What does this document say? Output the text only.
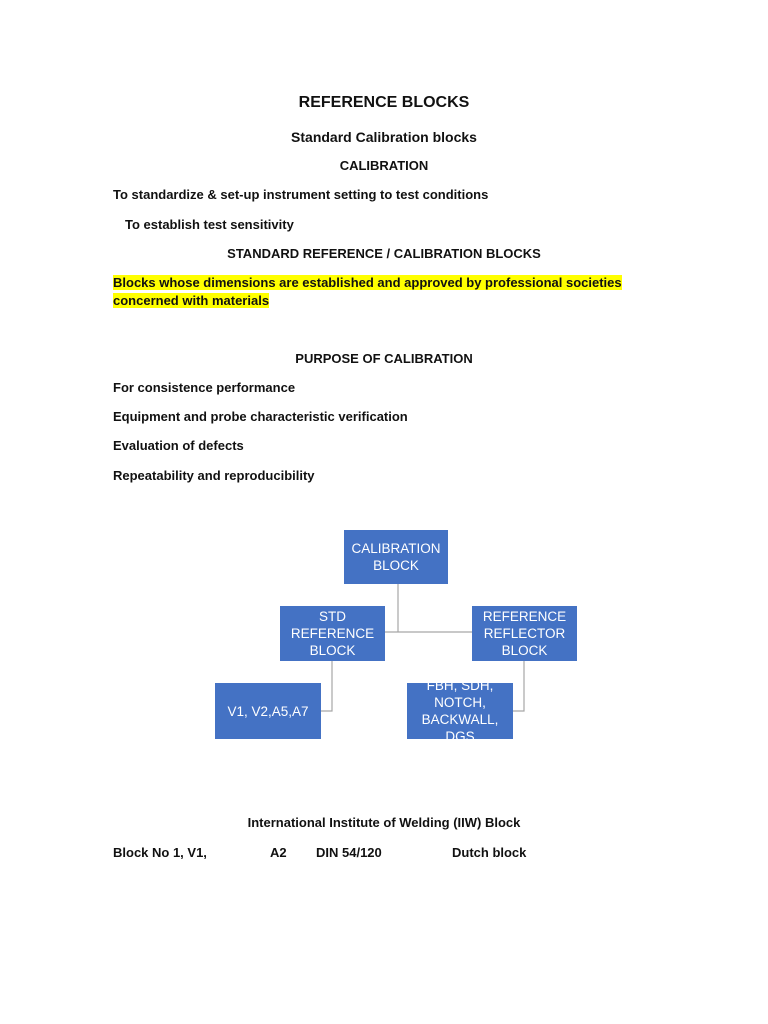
REFERENCE BLOCKS
Standard Calibration blocks
CALIBRATION
To standardize & set-up instrument setting to test conditions
To establish test sensitivity
STANDARD REFERENCE / CALIBRATION BLOCKS
Blocks whose dimensions are established and approved by professional societies concerned with materials
PURPOSE OF CALIBRATION
For consistence performance
Equipment and probe characteristic verification
Evaluation of defects
Repeatability and reproducibility
CALIBRATION
BLOCK
STD REFERENCE
BLOCK
REFERENCE
REFLECTOR
BLOCK
V1, V2,A5,A7
FBH, SDH,
NOTCH,
BACKWALL, DGS
International Institute of Welding (IIW) Block
Block No 1, V1,	A2 DIN 54/120	Dutch block
